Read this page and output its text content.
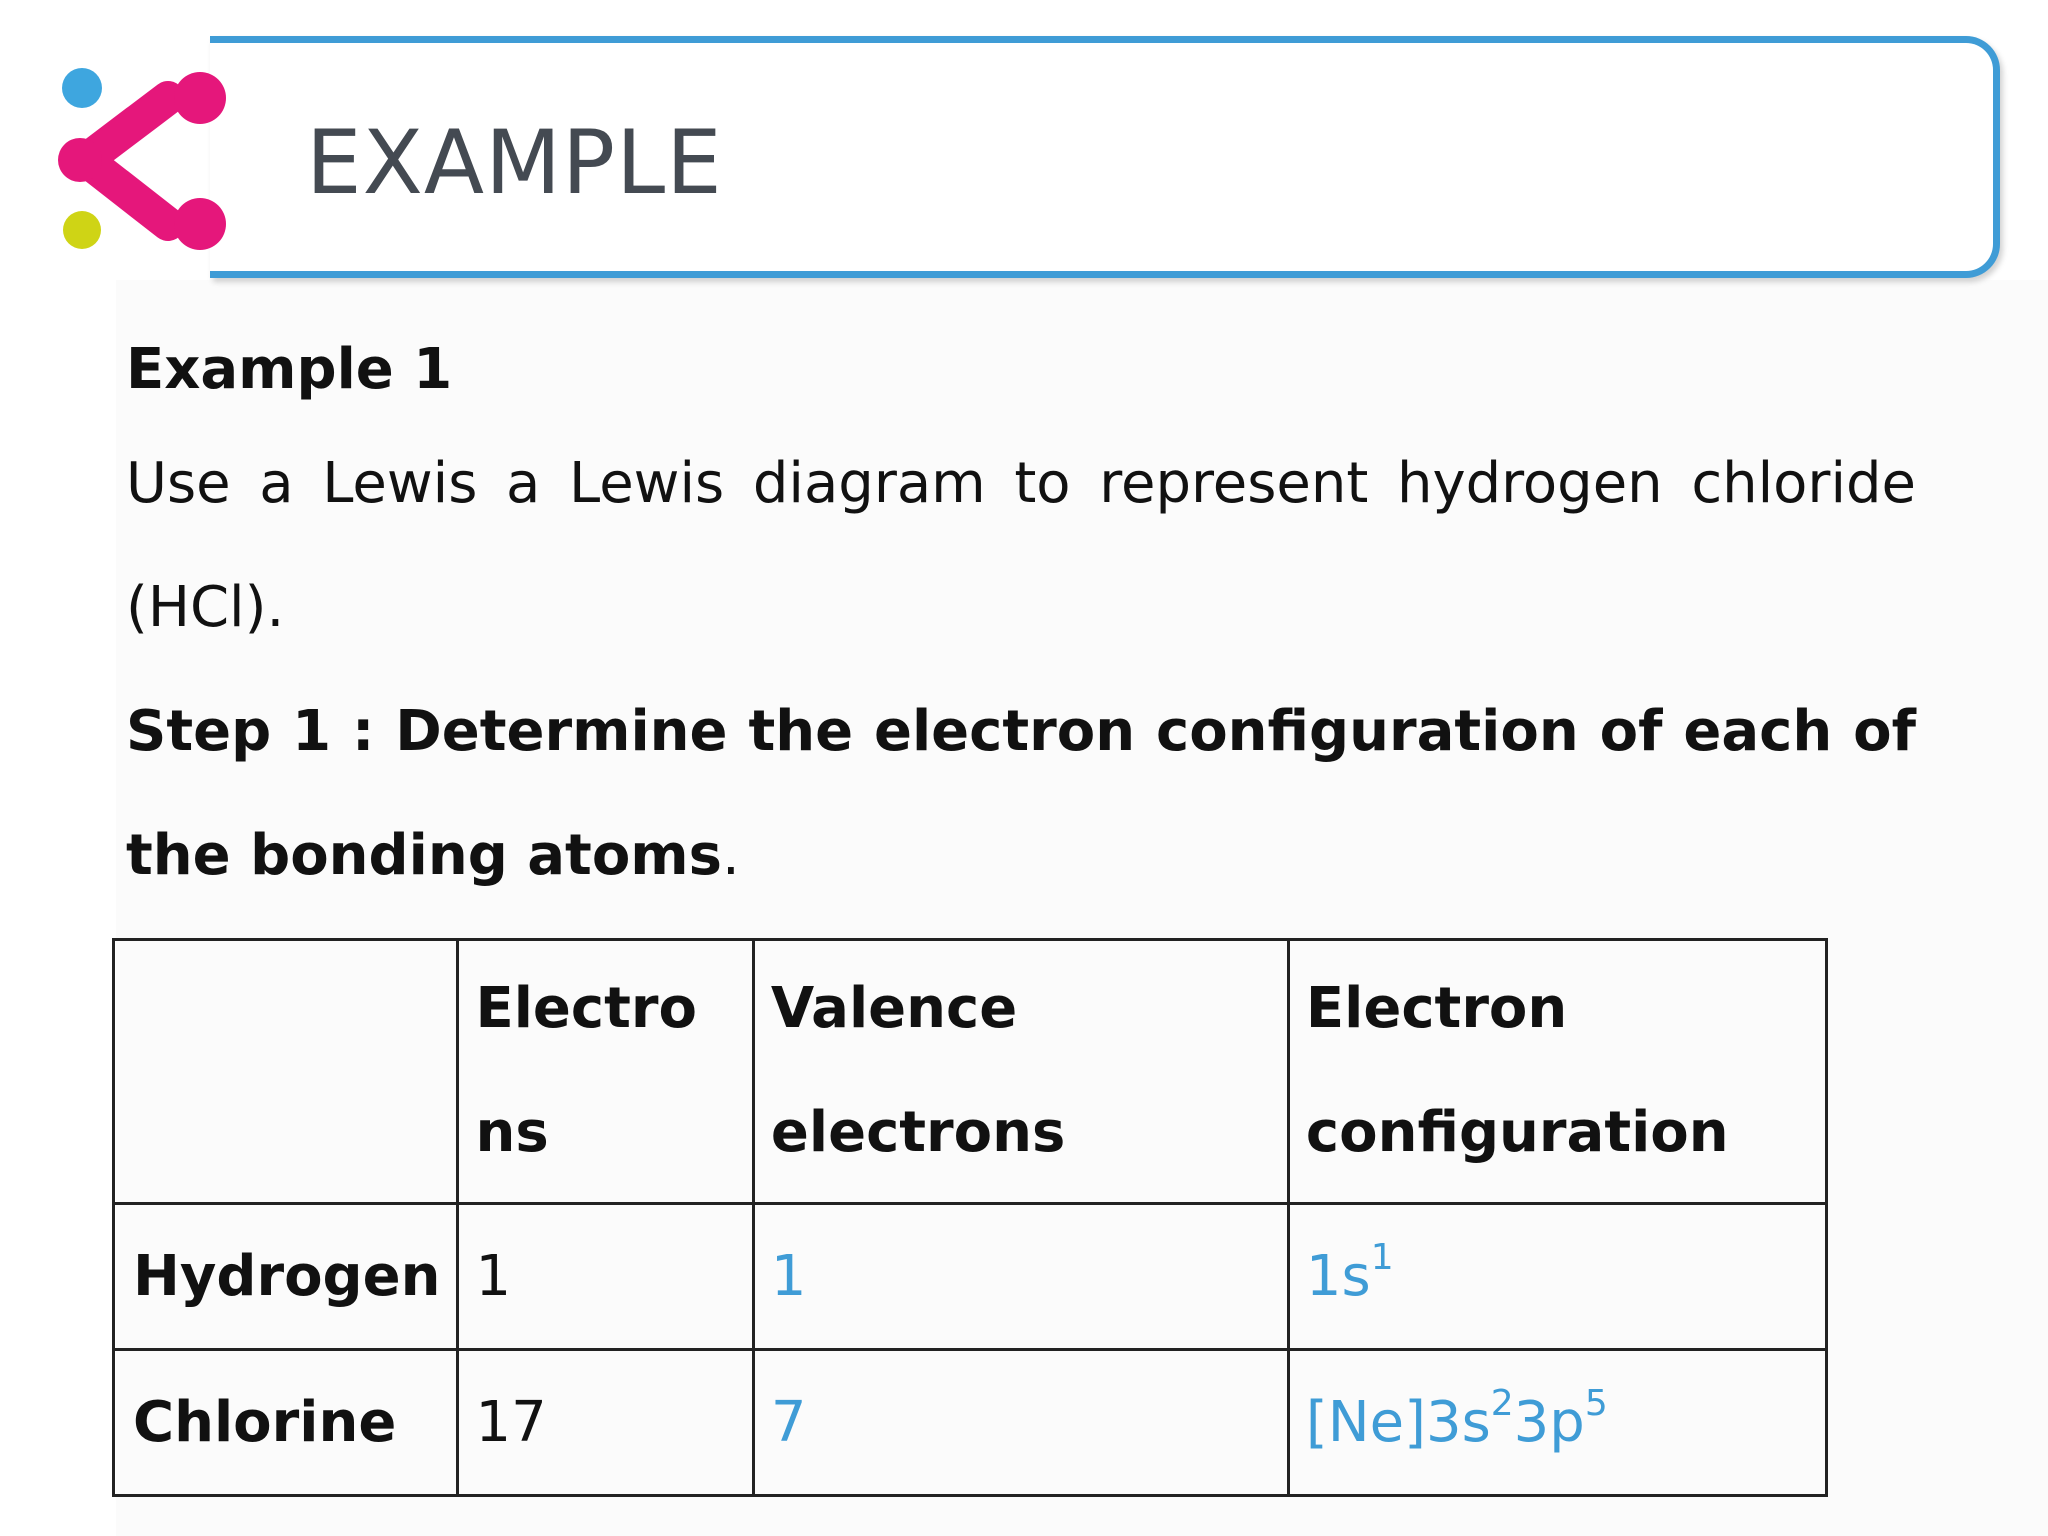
EXAMPLE

Example 1

Use a Lewis a Lewis diagram to represent hydrogen chloride (HCl).

Step 1 : Determine the electron configuration of each of the bonding atoms.

	Electrons	Valence electrons	Electron configuration
Hydrogen	1	1	$1s^1$
Chlorine	17	7	$[Ne]3s^23p^5$
